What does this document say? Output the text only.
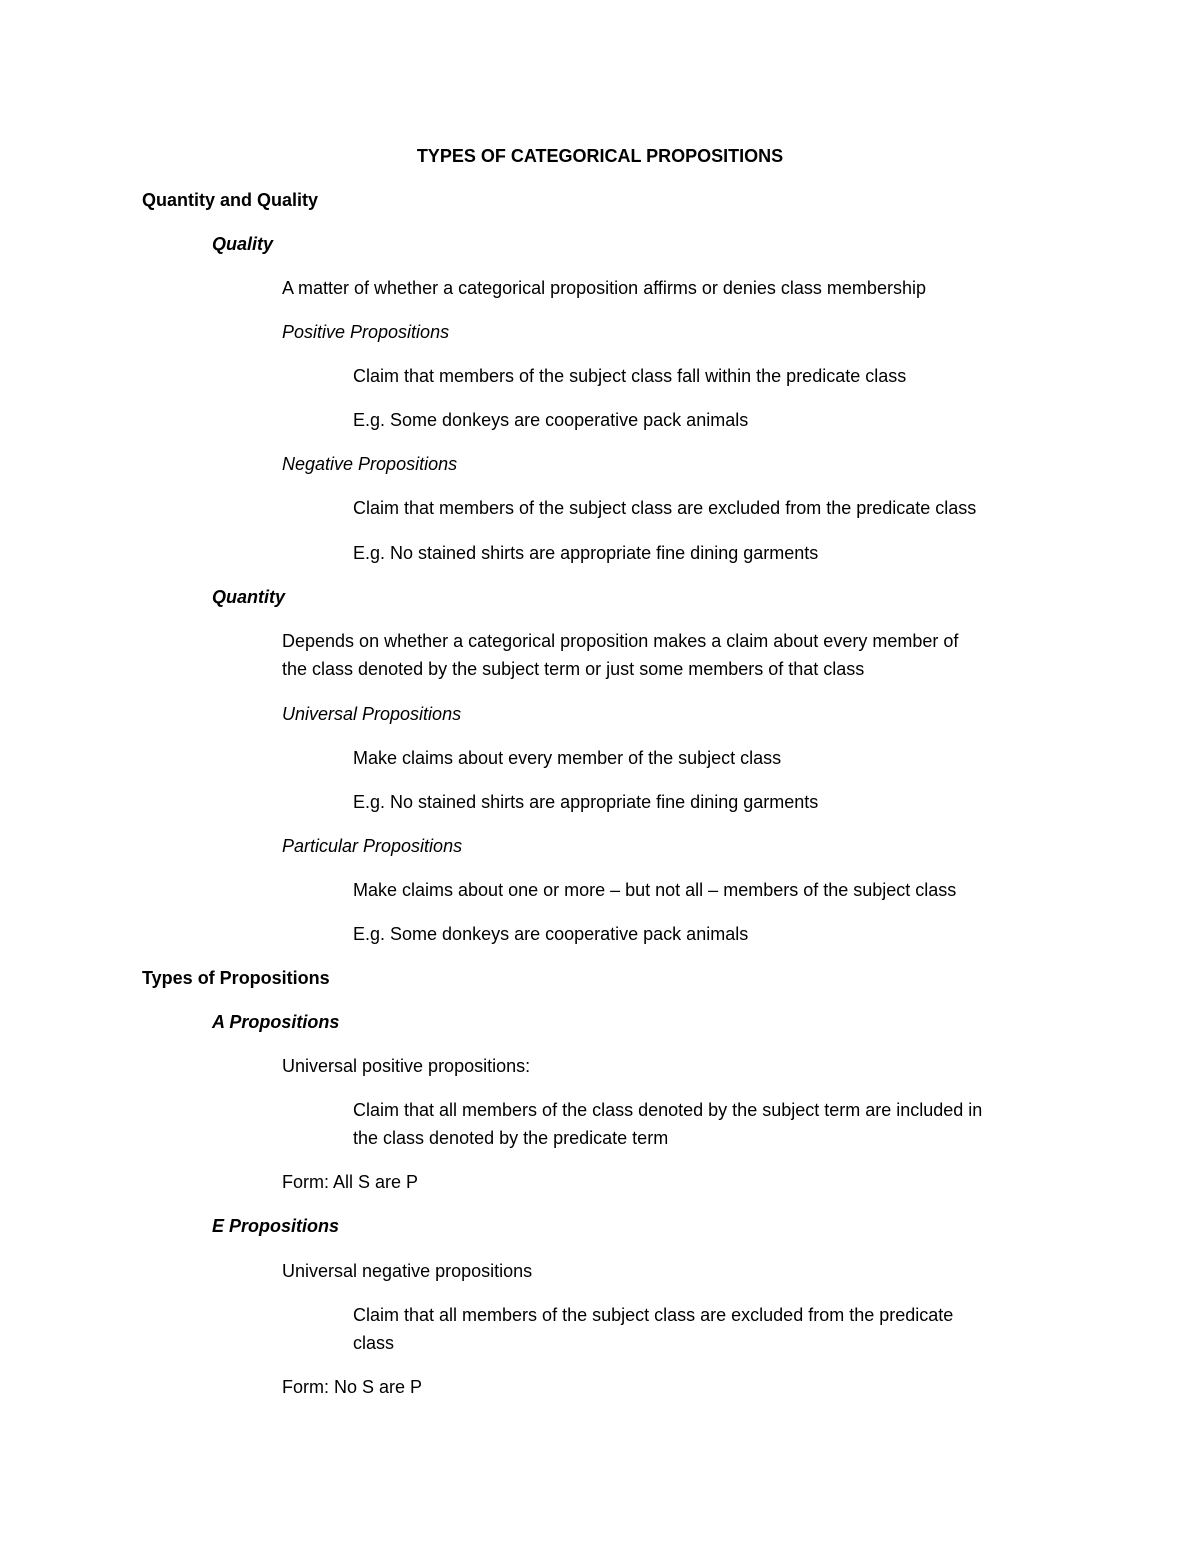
TYPES OF CATEGORICAL PROPOSITIONS

Quantity and Quality

Quality

A matter of whether a categorical proposition affirms or denies class membership

Positive Propositions

Claim that members of the subject class fall within the predicate class

E.g. Some donkeys are cooperative pack animals

Negative Propositions

Claim that members of the subject class are excluded from the predicate class

E.g. No stained shirts are appropriate fine dining garments

Quantity

Depends on whether a categorical proposition makes a claim about every member of

the class denoted by the subject term or just some members of that class

Universal Propositions

Make claims about every member of the subject class

E.g. No stained shirts are appropriate fine dining garments

Particular Propositions

Make claims about one or more – but not all – members of the subject class

E.g. Some donkeys are cooperative pack animals

Types of Propositions

A Propositions

Universal positive propositions:

Claim that all members of the class denoted by the subject term are included in

the class denoted by the predicate term

Form: All S are P

E Propositions

Universal negative propositions

Claim that all members of the subject class are excluded from the predicate

class

Form: No S are P
